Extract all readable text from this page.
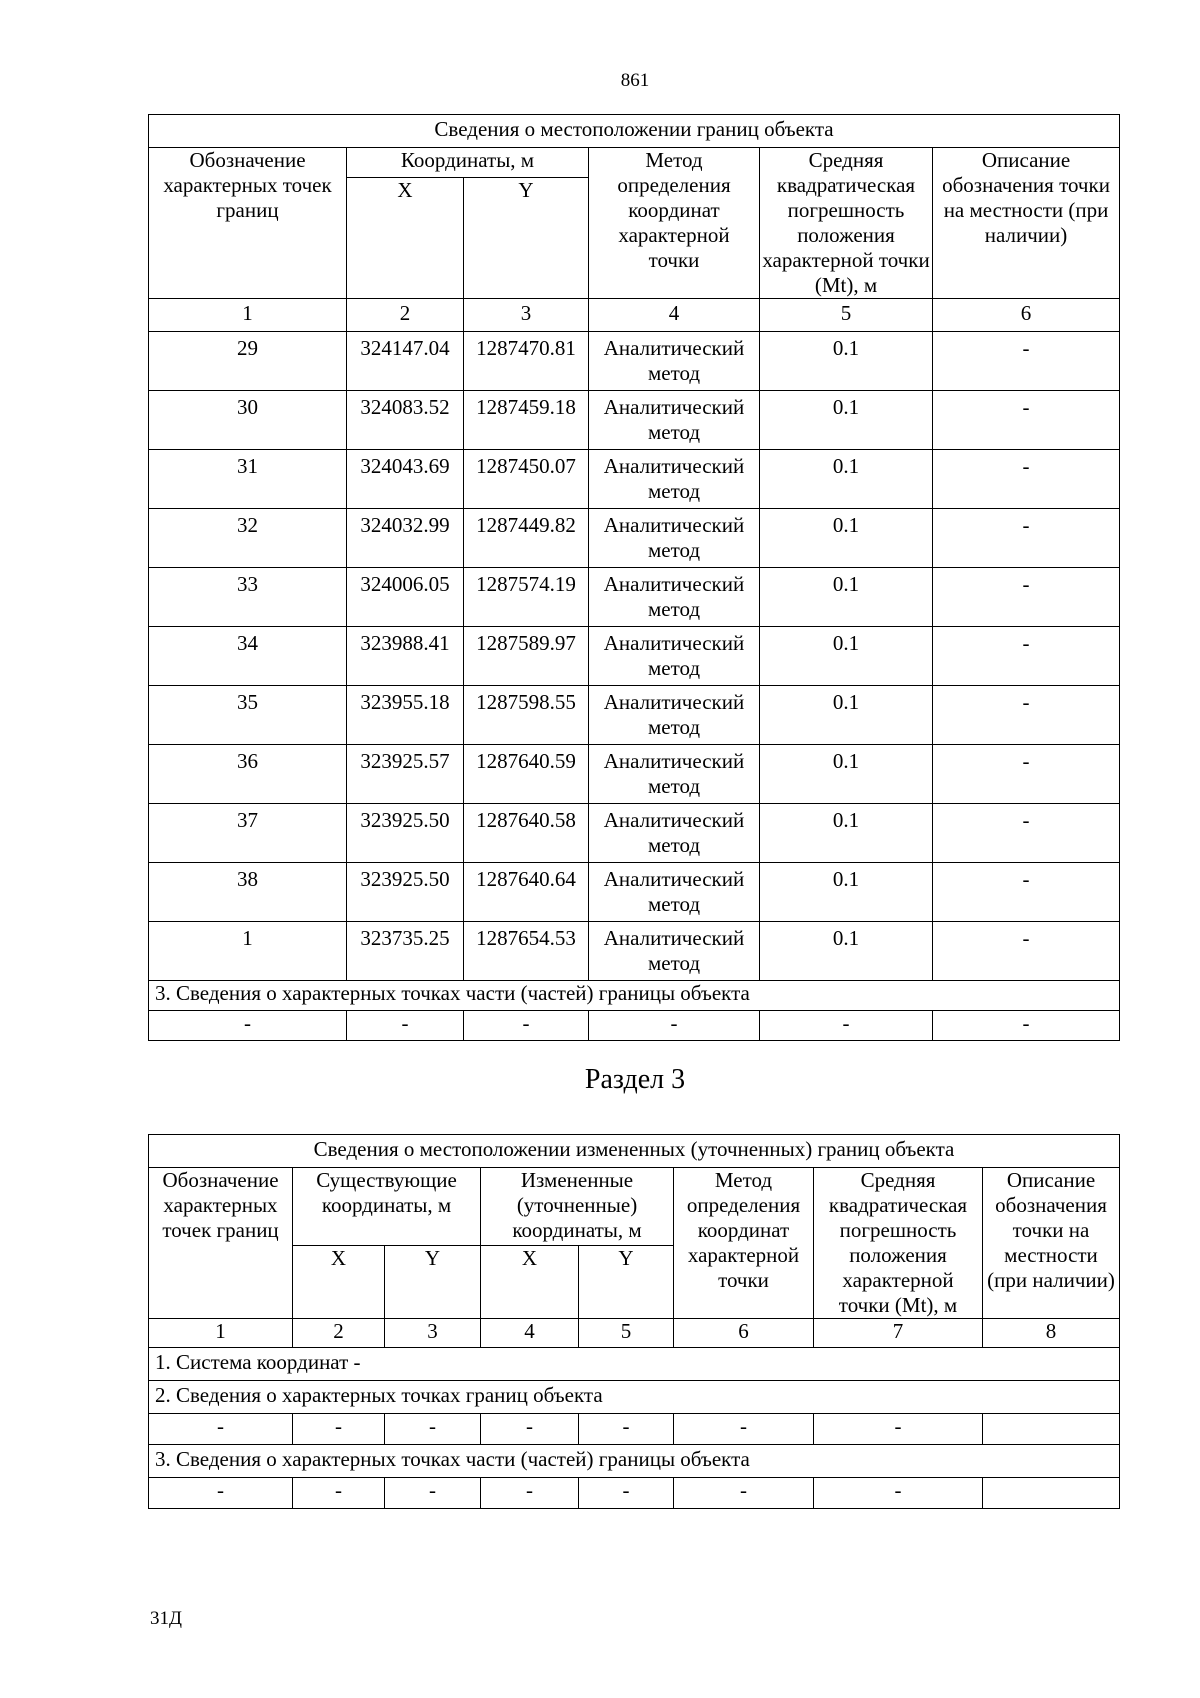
861
Сведения о местоположении границ объекта					
Обозначение характерных точек границ	Координаты, м		Метод определения координат характерной точки	Средняя квадратическая погрешность положения характерной точки (Mt), м	Описание обозначения точки на местности (при наличии)
	X	Y			
1	2	3	4	5	6
29	324147.04	1287470.81	Аналитический метод	0.1	-
30	324083.52	1287459.18	Аналитический метод	0.1	-
31	324043.69	1287450.07	Аналитический метод	0.1	-
32	324032.99	1287449.82	Аналитический метод	0.1	-
33	324006.05	1287574.19	Аналитический метод	0.1	-
34	323988.41	1287589.97	Аналитический метод	0.1	-
35	323955.18	1287598.55	Аналитический метод	0.1	-
36	323925.57	1287640.59	Аналитический метод	0.1	-
37	323925.50	1287640.58	Аналитический метод	0.1	-
38	323925.50	1287640.64	Аналитический метод	0.1	-
1	323735.25	1287654.53	Аналитический метод	0.1	-
3. Сведения о характерных точках части (частей) границы объекта					
-	-	-	-	-	-
Раздел 3
Сведения о местоположении измененных (уточненных) границ объекта							
Обозначение характерных точек границ	Существующие координаты, м		Измененные (уточненные) координаты, м		Метод определения координат характерной точки	Средняя квадратическая погрешность положения характерной точки (Mt), м	Описание обозначения точки на местности (при наличии)
	X	Y	X	Y			
1	2	3	4	5	6	7	8
1. Система координат -							
2. Сведения о характерных точках границ объекта							
-	-	-	-	-	-	-	
3. Сведения о характерных точках части (частей) границы объекта							
-	-	-	-	-	-	-	
31Д
